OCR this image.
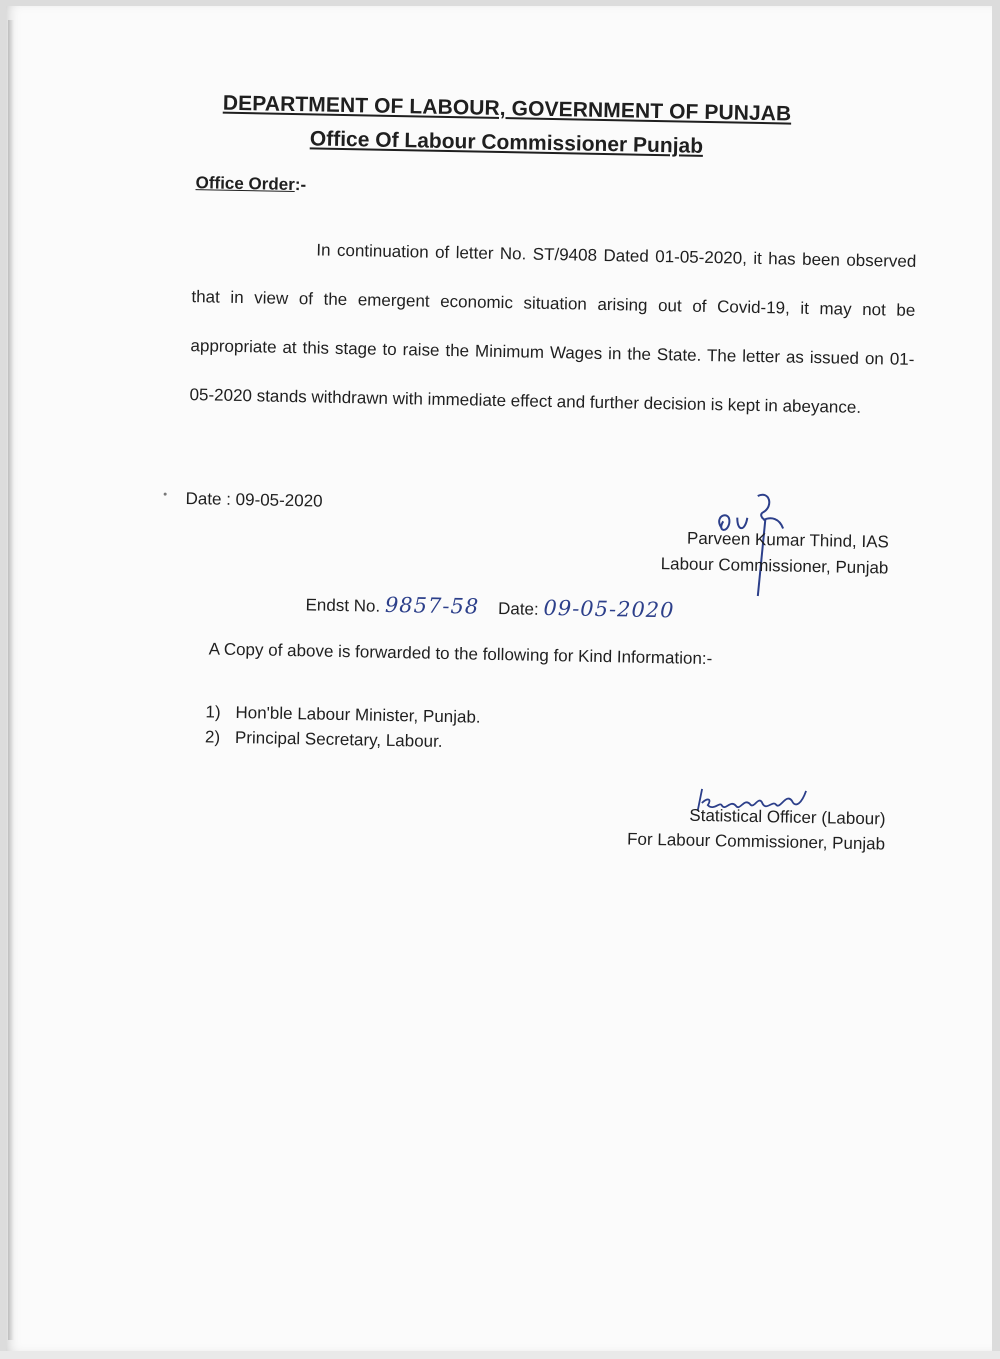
DEPARTMENT OF LABOUR, GOVERNMENT OF PUNJAB
Office Of Labour Commissioner Punjab
Office Order:-

In continuation of letter No. ST/9408 Dated 01-05-2020, it has been observed that in view of the emergent economic situation arising out of Covid-19, it may not be appropriate at this stage to raise the Minimum Wages in the State. The letter as issued on 01-05-2020 stands withdrawn with immediate effect and further decision is kept in abeyance.

Date : 09-05-2020
Parveen Kumar Thind, IAS
Labour Commissioner, Punjab
Endst No. 9857-58 Date: 09-05-2020
A Copy of above is forwarded to the following for Kind Information:-
1) Hon'ble Labour Minister, Punjab.
2) Principal Secretary, Labour.
Statistical Officer (Labour)
For Labour Commissioner, Punjab
